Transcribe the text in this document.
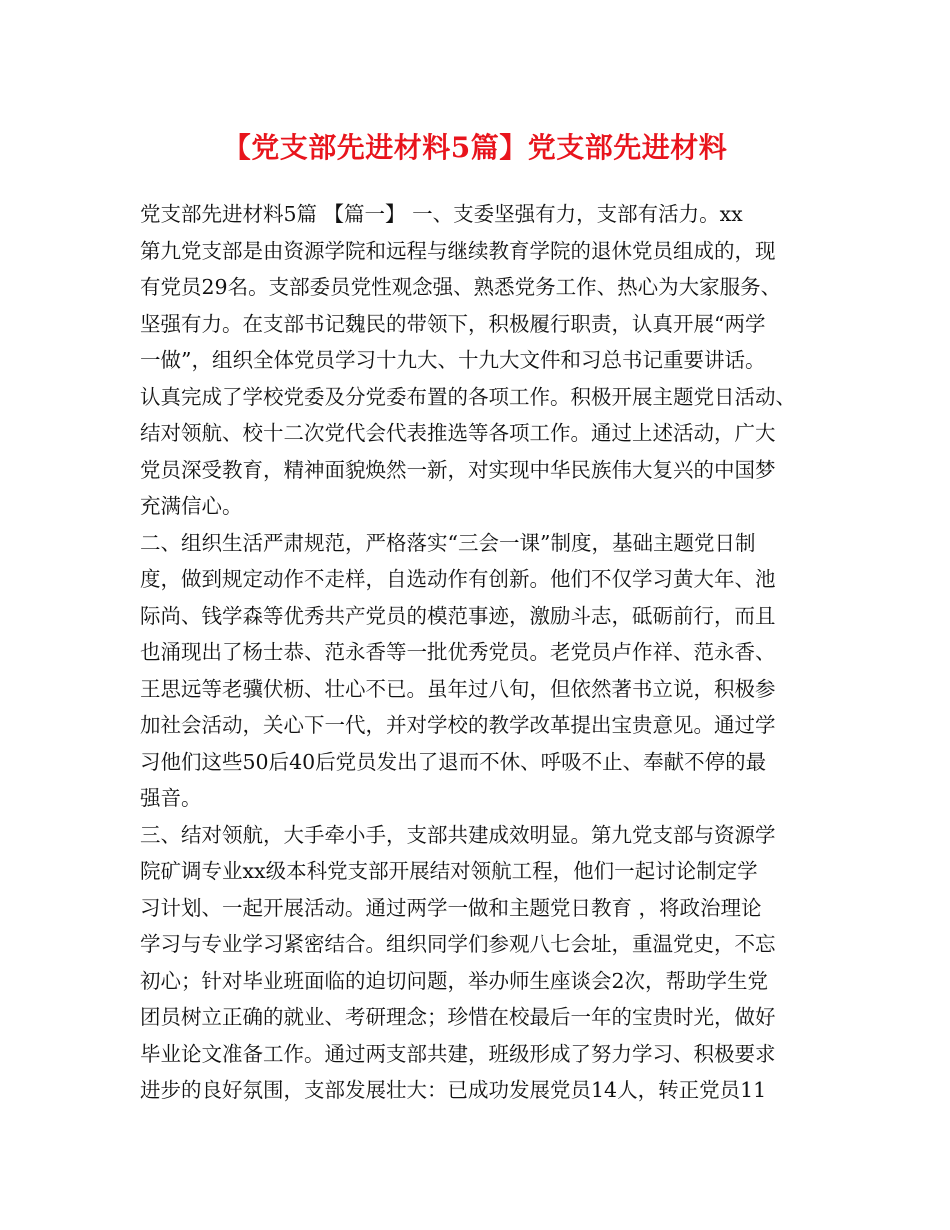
【党支部先进材料5篇】党支部先进材料
党支部先进材料5篇 【篇一】 一、支委坚强有力，支部有活力。xx
第九党支部是由资源学院和远程与继续教育学院的退休党员组成的，现
有党员29名。支部委员党性观念强、熟悉党务工作、热心为大家服务、
坚强有力。在支部书记魏民的带领下，积极履行职责，认真开展“两学
一做”，组织全体党员学习十九大、十九大文件和习总书记重要讲话。
认真完成了学校党委及分党委布置的各项工作。积极开展主题党日活动、
结对领航、校十二次党代会代表推选等各项工作。通过上述活动，广大
党员深受教育，精神面貌焕然一新，对实现中华民族伟大复兴的中国梦
充满信心。
二、组织生活严肃规范，严格落实“三会一课”制度，基础主题党日制
度，做到规定动作不走样，自选动作有创新。他们不仅学习黄大年、池
际尚、钱学森等优秀共产党员的模范事迹，激励斗志，砥砺前行，而且
也涌现出了杨士恭、范永香等一批优秀党员。老党员卢作祥、范永香、
王思远等老骥伏枥、壮心不已。虽年过八旬，但依然著书立说，积极参
加社会活动，关心下一代，并对学校的教学改革提出宝贵意见。通过学
习他们这些50后40后党员发出了退而不休、呼吸不止、奉献不停的最
强音。
三、结对领航，大手牵小手，支部共建成效明显。第九党支部与资源学
院矿调专业xx级本科党支部开展结对领航工程，他们一起讨论制定学
习计划、一起开展活动。通过两学一做和主题党日教育 ，将政治理论
学习与专业学习紧密结合。组织同学们参观八七会址，重温党史，不忘
初心；针对毕业班面临的迫切问题，举办师生座谈会2次，帮助学生党
团员树立正确的就业、考研理念；珍惜在校最后一年的宝贵时光，做好
毕业论文准备工作。通过两支部共建，班级形成了努力学习、积极要求
进步的良好氛围，支部发展壮大：已成功发展党员14人，转正党员11
